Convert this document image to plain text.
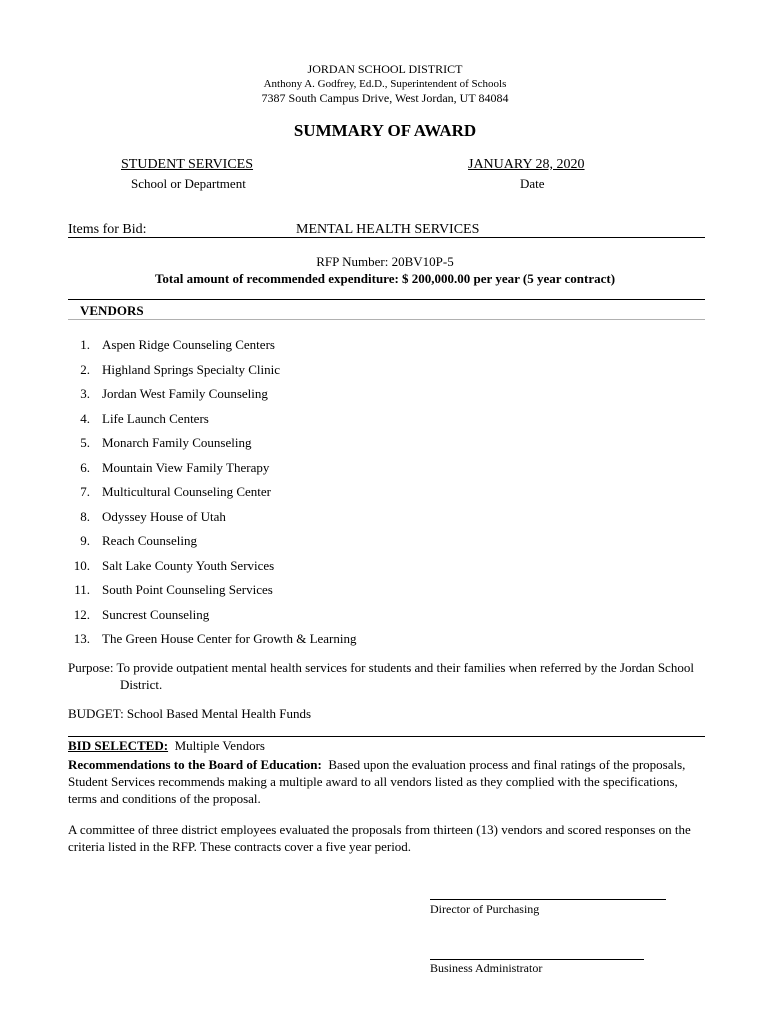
JORDAN SCHOOL DISTRICT
Anthony A. Godfrey, Ed.D., Superintendent of Schools
7387 South Campus Drive, West Jordan, UT 84084
SUMMARY OF AWARD
STUDENT SERVICES
School or Department
JANUARY 28, 2020
Date
Items for Bid:	MENTAL HEALTH SERVICES
RFP Number: 20BV10P-5
Total amount of recommended expenditure: $ 200,000.00 per year (5 year contract)
VENDORS
1. Aspen Ridge Counseling Centers
2. Highland Springs Specialty Clinic
3. Jordan West Family Counseling
4. Life Launch Centers
5. Monarch Family Counseling
6. Mountain View Family Therapy
7. Multicultural Counseling Center
8. Odyssey House of Utah
9. Reach Counseling
10. Salt Lake County Youth Services
11. South Point Counseling Services
12. Suncrest Counseling
13. The Green House Center for Growth & Learning
Purpose: To provide outpatient mental health services for students and their families when referred by the Jordan School District.
BUDGET: School Based Mental Health Funds
BID SELECTED: Multiple Vendors
Recommendations to the Board of Education: Based upon the evaluation process and final ratings of the proposals, Student Services recommends making a multiple award to all vendors listed as they complied with the specifications, terms and conditions of the proposal.
A committee of three district employees evaluated the proposals from thirteen (13) vendors and scored responses on the criteria listed in the RFP. These contracts cover a five year period.
Director of Purchasing
Business Administrator
